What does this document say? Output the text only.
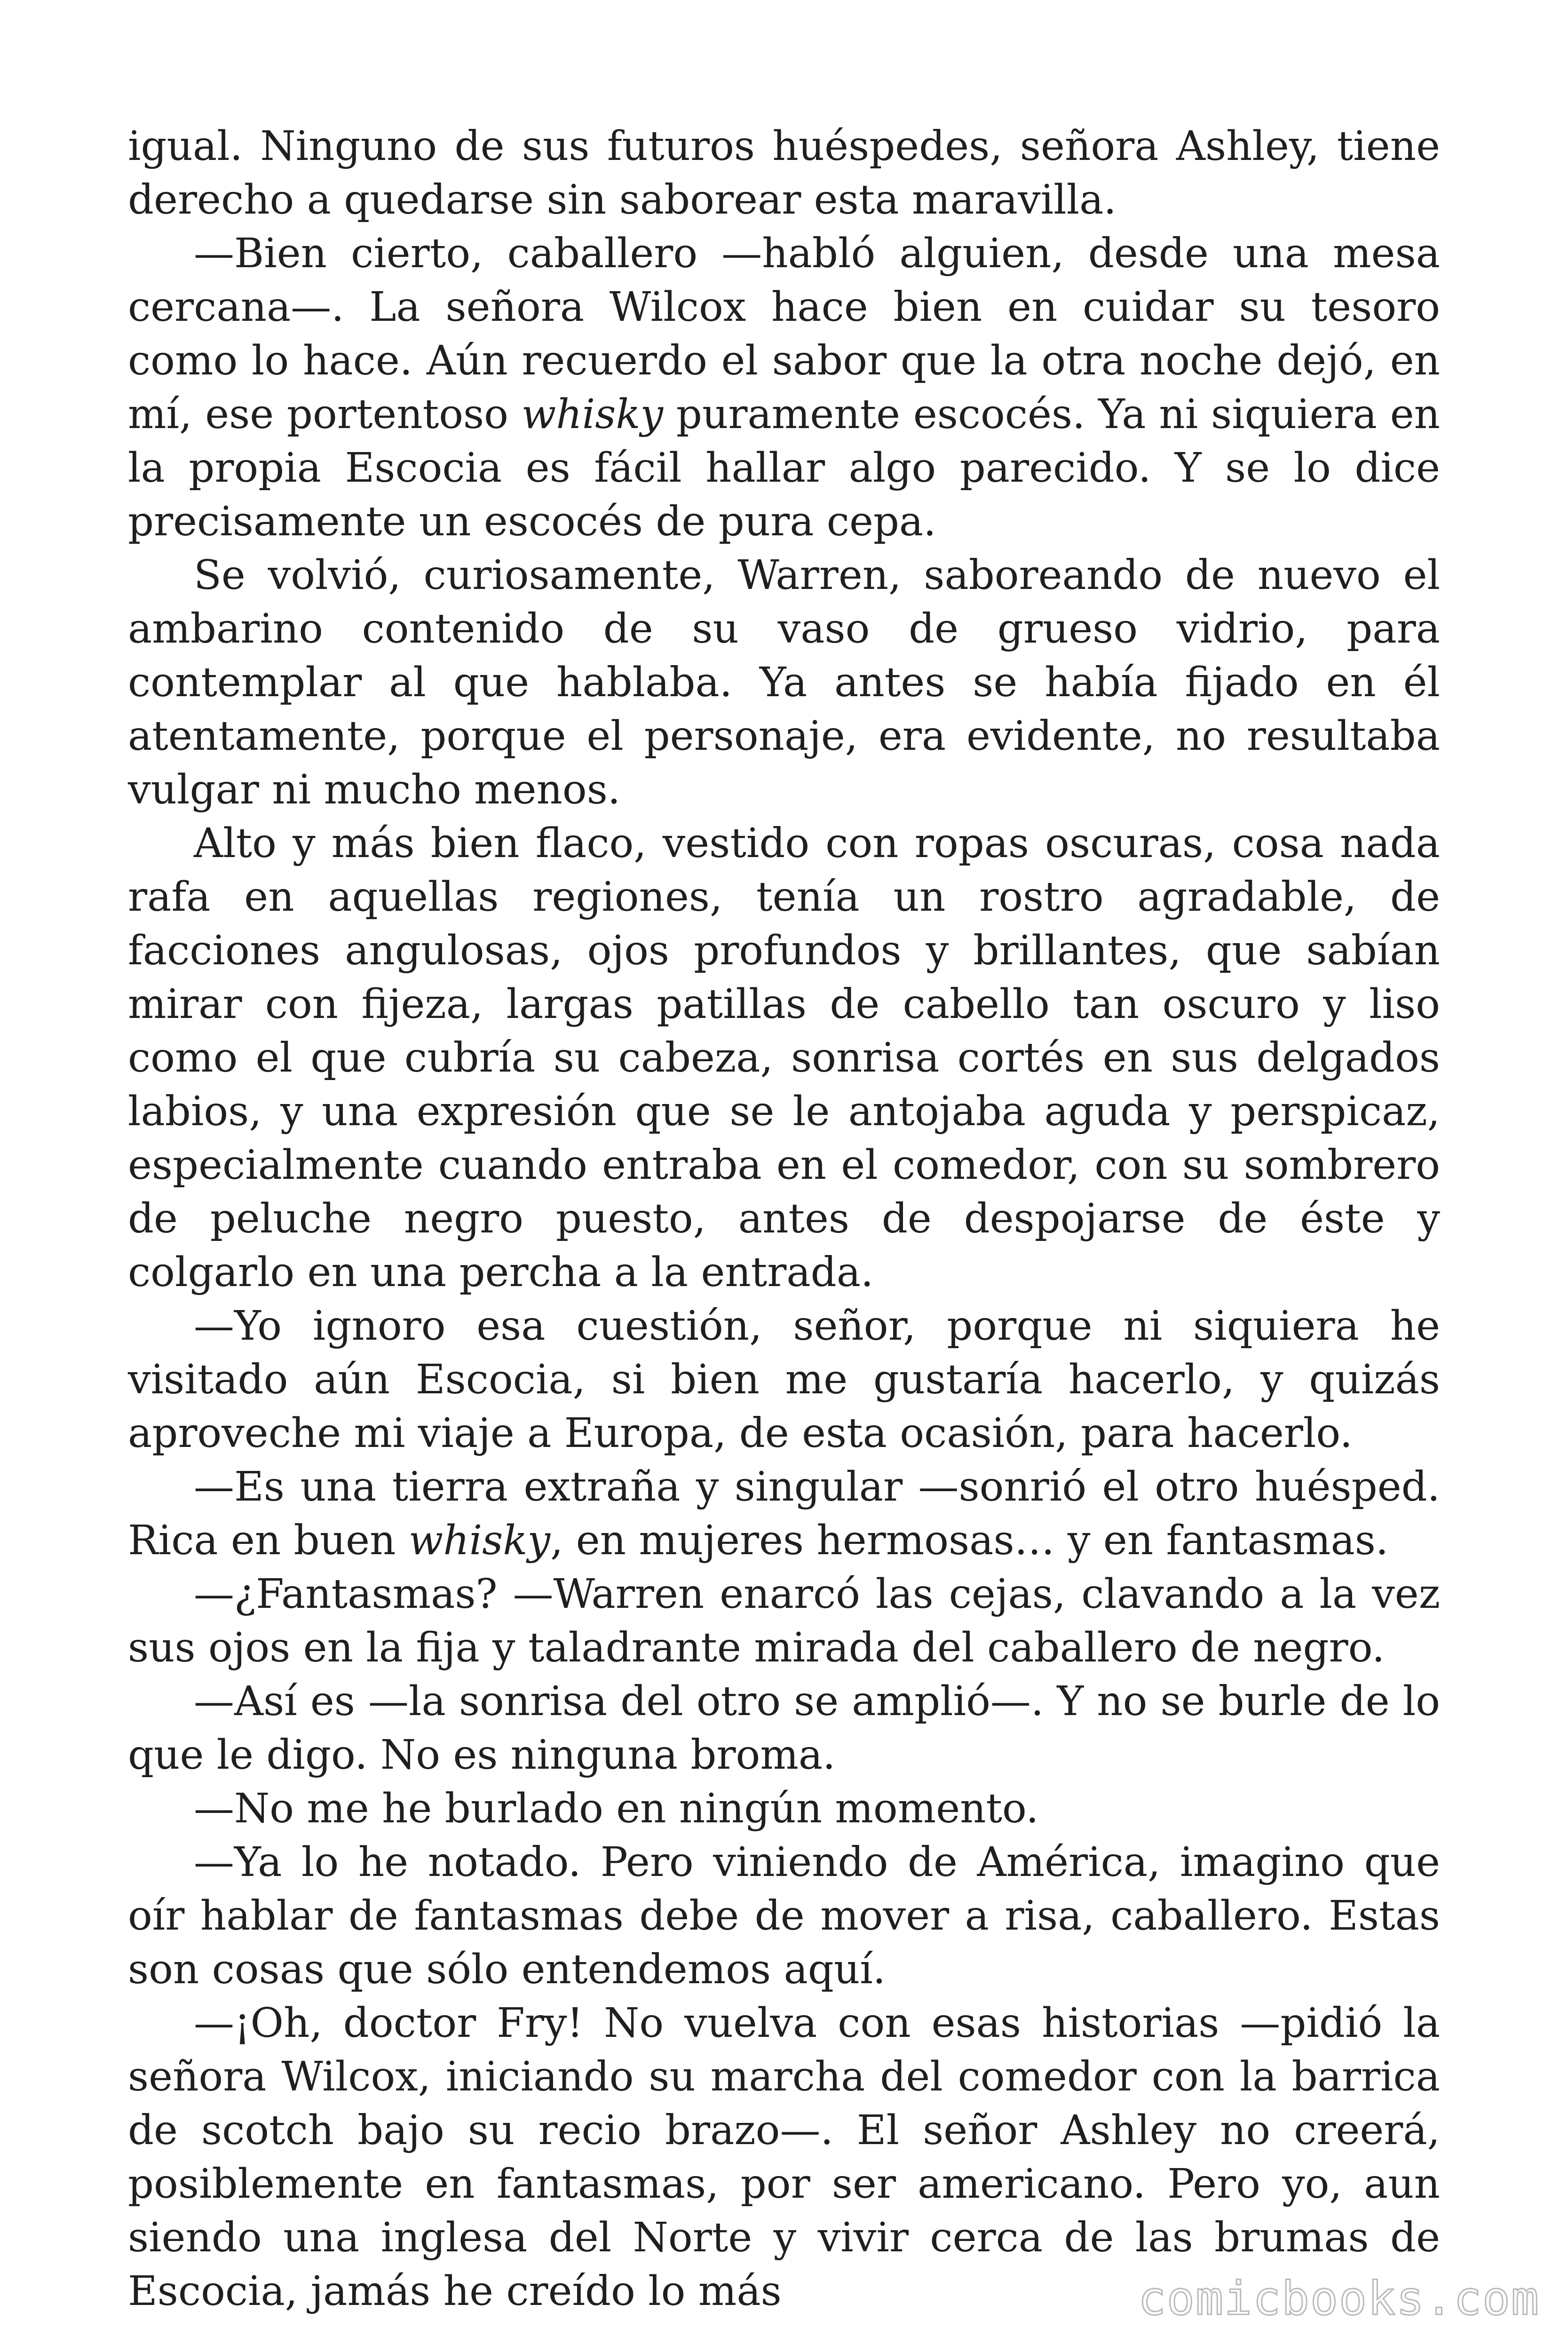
igual. Ninguno de sus futuros huéspedes, señora Ashley, tiene derecho a quedarse sin saborear esta maravilla.

—Bien cierto, caballero —habló alguien, desde una mesa cercana—. La señora Wilcox hace bien en cuidar su tesoro como lo hace. Aún recuerdo el sabor que la otra noche dejó, en mí, ese portentoso whisky puramente escocés. Ya ni siquiera en la propia Escocia es fácil hallar algo parecido. Y se lo dice precisamente un escocés de pura cepa.

Se volvió, curiosamente, Warren, saboreando de nuevo el ambarino contenido de su vaso de grueso vidrio, para contemplar al que hablaba. Ya antes se había fijado en él atentamente, porque el personaje, era evidente, no resultaba vulgar ni mucho menos.

Alto y más bien flaco, vestido con ropas oscuras, cosa nada rafa en aquellas regiones, tenía un rostro agradable, de facciones angulosas, ojos profundos y brillantes, que sabían mirar con fijeza, largas patillas de cabello tan oscuro y liso como el que cubría su cabeza, sonrisa cortés en sus delgados labios, y una expresión que se le antojaba aguda y perspicaz, especialmente cuando entraba en el comedor, con su sombrero de peluche negro puesto, antes de despojarse de éste y colgarlo en una percha a la entrada.

—Yo ignoro esa cuestión, señor, porque ni siquiera he visitado aún Escocia, si bien me gustaría hacerlo, y quizás aproveche mi viaje a Europa, de esta ocasión, para hacerlo.

—Es una tierra extraña y singular —sonrió el otro huésped. Rica en buen whisky, en mujeres hermosas… y en fantasmas.

—¿Fantasmas? —Warren enarcó las cejas, clavando a la vez sus ojos en la fija y taladrante mirada del caballero de negro.

—Así es —la sonrisa del otro se amplió—. Y no se burle de lo que le digo. No es ninguna broma.

—No me he burlado en ningún momento.

—Ya lo he notado. Pero viniendo de América, imagino que oír hablar de fantasmas debe de mover a risa, caballero. Estas son cosas que sólo entendemos aquí.

—¡Oh, doctor Fry! No vuelva con esas historias —pidió la señora Wilcox, iniciando su marcha del comedor con la barrica de scotch bajo su recio brazo—. El señor Ashley no creerá, posiblemente en fantasmas, por ser americano. Pero yo, aun siendo una inglesa del Norte y vivir cerca de las brumas de Escocia, jamás he creído lo más	comicbooks.com
